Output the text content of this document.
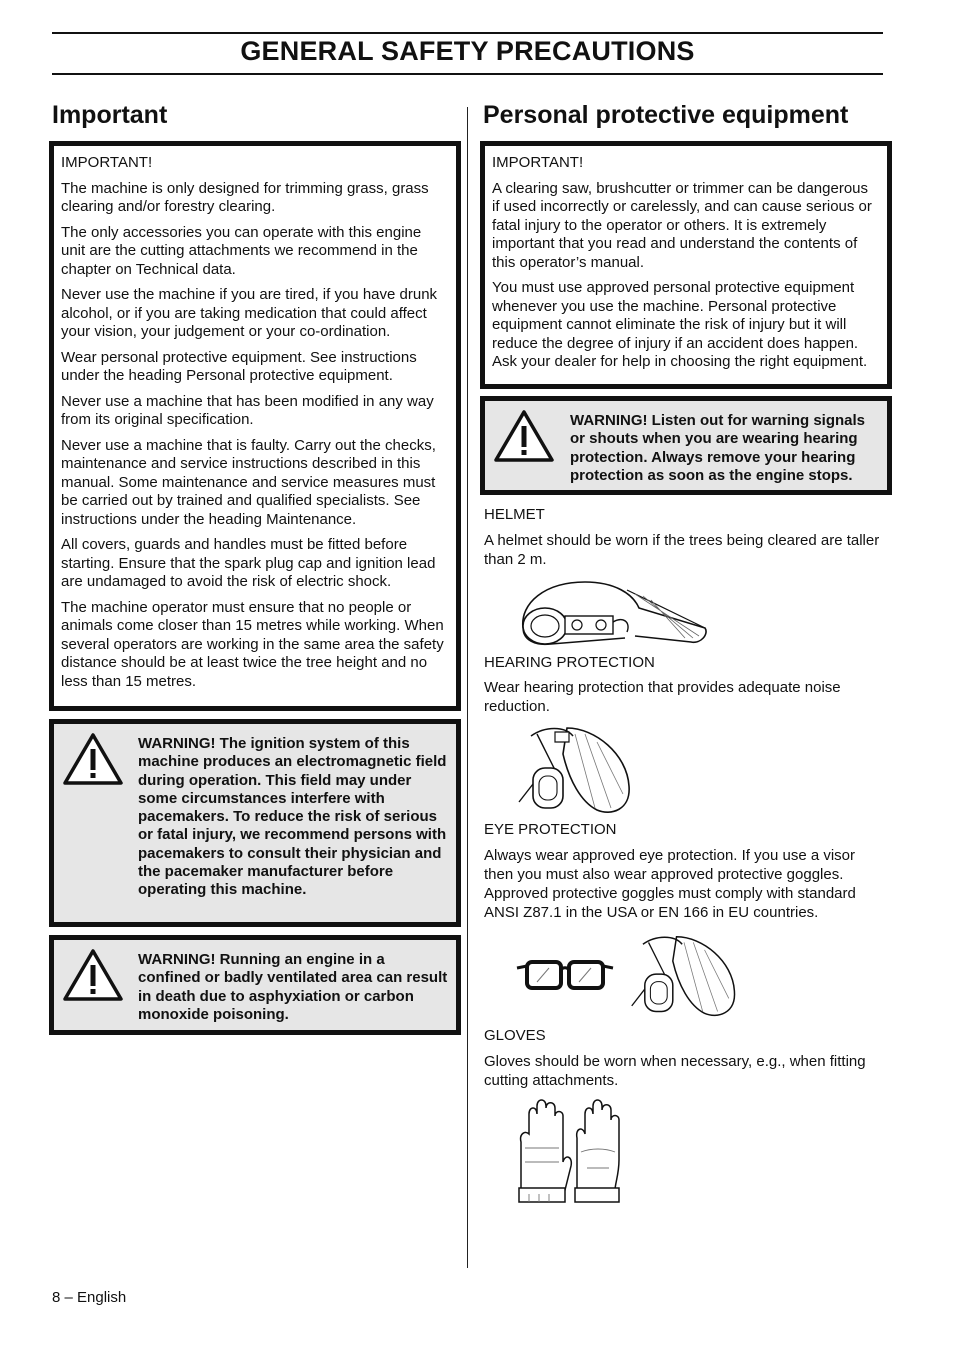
GENERAL SAFETY PRECAUTIONS
Important

IMPORTANT!

The machine is only designed for trimming grass, grass clearing and/or forestry clearing.

The only accessories you can operate with this engine unit are the cutting attachments we recommend in the chapter on Technical data.

Never use the machine if you are tired, if you have drunk alcohol, or if you are taking medication that could affect your vision, your judgement or your co-ordination.

Wear personal protective equipment. See instructions under the heading Personal protective equipment.

Never use a machine that has been modified in any way from its original specification.

Never use a machine that is faulty. Carry out the checks, maintenance and service instructions described in this manual. Some maintenance and service measures must be carried out by trained and qualified specialists. See instructions under the heading Maintenance.

All covers, guards and handles must be fitted before starting. Ensure that the spark plug cap and ignition lead are undamaged to avoid the risk of electric shock.

The machine operator must ensure that no people or animals come closer than 15 metres while working. When several operators are working in the same area the safety distance should be at least twice the tree height and no less than 15 metres.

WARNING! The ignition system of this machine produces an electromagnetic field during operation. This field may under some circumstances interfere with pacemakers. To reduce the risk of serious or fatal injury, we recommend persons with pacemakers to consult their physician and the pacemaker manufacturer before operating this machine.

WARNING! Running an engine in a confined or badly ventilated area can result in death due to asphyxiation or carbon monoxide poisoning.

Personal protective equipment

IMPORTANT!

A clearing saw, brushcutter or trimmer can be dangerous if used incorrectly or carelessly, and can cause serious or fatal injury to the operator or others. It is extremely important that you read and understand the contents of this operator’s manual.

You must use approved personal protective equipment whenever you use the machine. Personal protective equipment cannot eliminate the risk of injury but it will reduce the degree of injury if an accident does happen. Ask your dealer for help in choosing the right equipment.

WARNING! Listen out for warning signals or shouts when you are wearing hearing protection. Always remove your hearing protection as soon as the engine stops.

HELMET

A helmet should be worn if the trees being cleared are taller than 2 m.

HEARING PROTECTION

Wear hearing protection that provides adequate noise reduction.

EYE PROTECTION

Always wear approved eye protection. If you use a visor then you must also wear approved protective goggles. Approved protective goggles must comply with standard ANSI Z87.1 in the USA or EN 166 in EU countries.

GLOVES

Gloves should be worn when necessary, e.g., when fitting cutting attachments.

8 – English
